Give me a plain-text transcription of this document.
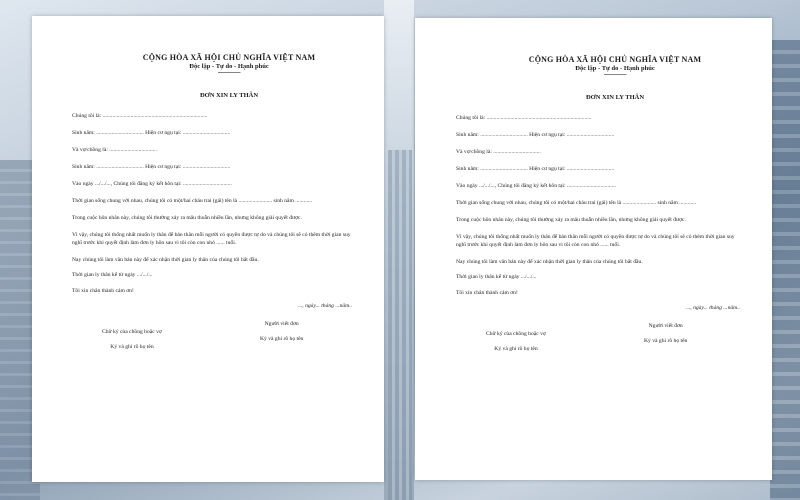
CỘNG HÒA XÃ HỘI CHỦ NGHĨA VIỆT NAM
Độc lập - Tự do - Hạnh phúc
---------------
ĐƠN XIN LY THÂN
Chúng tôi là: ...........................................................................
Sinh năm: .................................. Hiện cư ngụ tại: ..................................
Và vợ/chồng là: ..................................
Sinh năm: .................................. Hiện cư ngụ tại: ..................................
Vào ngày .../.../..., Chúng tôi đăng ký kết hôn tại: ...................................
Thời gian sống chung với nhau, chúng tôi có một/hai cháu trai (gái) tên là ........................ sinh năm ............
Trong cuộc hôn nhân này, chúng tôi thường xảy ra mâu thuẫn nhiều lần, nhưng không giải quyết được.
Vì vậy, chúng tôi thống nhất muốn ly thân để bản thân mỗi người có quyền được tự do và chúng tôi sẽ có thêm thời gian suy nghĩ trước khi quyết định làm đơn ly hôn sau vì tôi còn con nhỏ ...... tuổi.
Nay chúng tôi làm văn bản này để xác nhận thời gian ly thân của chúng tôi bắt đầu.
Thời gian ly thân kể từ ngày .../.../...
Tôi xin chân thành cảm ơn!
..., ngày... tháng ...năm..
Chữ ký của chồng hoặc vợ
Ký và ghi rõ họ tên
Người viết đơn
Ký và ghi rõ họ tên
CỘNG HÒA XÃ HỘI CHỦ NGHĨA VIỆT NAM
Độc lập - Tự do - Hạnh phúc
---------------
ĐƠN XIN LY THÂN
Chúng tôi là: ...........................................................................
Sinh năm: .................................. Hiện cư ngụ tại: ..................................
Và vợ/chồng là: ..................................
Sinh năm: .................................. Hiện cư ngụ tại: ..................................
Vào ngày .../.../..., Chúng tôi đăng ký kết hôn tại: ...................................
Thời gian sống chung với nhau, chúng tôi có một/hai cháu trai (gái) tên là ........................ sinh năm ............
Trong cuộc hôn nhân này, chúng tôi thường xảy ra mâu thuẫn nhiều lần, nhưng không giải quyết được.
Vì vậy, chúng tôi thống nhất muốn ly thân để bản thân mỗi người có quyền được tự do và chúng tôi sẽ có thêm thời gian suy nghĩ trước khi quyết định làm đơn ly hôn sau vì tôi còn con nhỏ ...... tuổi.
Nay chúng tôi làm văn bản này để xác nhận thời gian ly thân của chúng tôi bắt đầu.
Thời gian ly thân kể từ ngày .../.../...
Tôi xin chân thành cảm ơn!
..., ngày... tháng ...năm..
Chữ ký của chồng hoặc vợ
Ký và ghi rõ họ tên
Người viết đơn
Ký và ghi rõ họ tên
